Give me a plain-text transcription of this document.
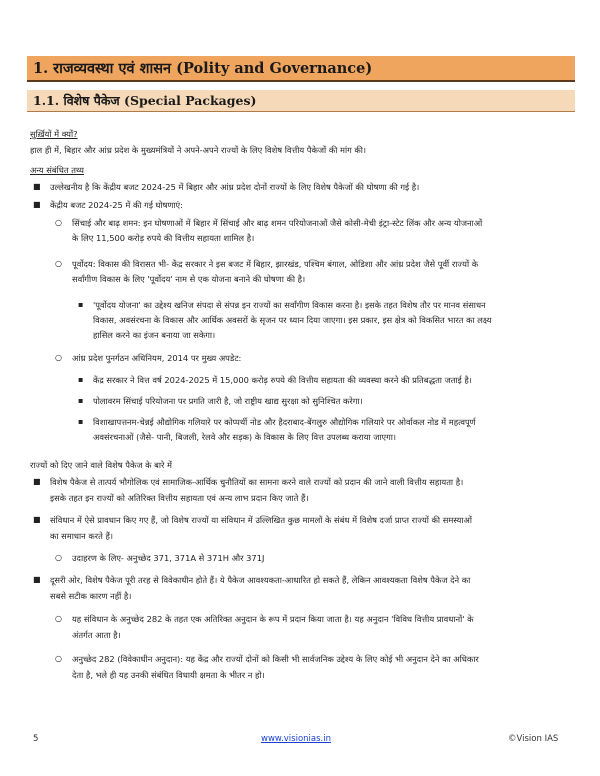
1. राजव्यवस्था एवं शासन (Polity and Governance)
1.1. विशेष पैकेज (Special Packages)
सुर्ख़ियों में क्यों?
हाल ही में, बिहार और आंध्र प्रदेश के मुख्यमंत्रियों ने अपने-अपने राज्यों के लिए विशेष वित्तीय पैकेजों की मांग की।
अन्य संबंधित तथ्य
■ उल्लेखनीय है कि केंद्रीय बजट 2024-25 में बिहार और आंध्र प्रदेश दोनों राज्यों के लिए विशेष पैकेजों की घोषणा की गई है।
■ केंद्रीय बजट 2024-25 में की गई घोषणाएं:
○ सिंचाई और बाढ़ शमन: इन घोषणाओं में बिहार में सिंचाई और बाढ़ शमन परियोजनाओं जैसे कोसी-मेची इंट्रा-स्टेट लिंक और अन्य योजनाओं
के लिए 11,500 करोड़ रुपये की वित्तीय सहायता शामिल है।
○ पूर्वोदय: विकास की विरासत भी- केंद्र सरकार ने इस बजट में बिहार, झारखंड, पश्चिम बंगाल, ओडिशा और आंध्र प्रदेश जैसे पूर्वी राज्यों के
सर्वांगीण विकास के लिए 'पूर्वोदय' नाम से एक योजना बनाने की घोषणा की है।
▪ 'पूर्वोदय योजना' का उद्देश्य खनिज संपदा से संपन्न इन राज्यों का सर्वांगीण विकास करना है। इसके तहत विशेष तौर पर मानव संसाधन
विकास, अवसंरचना के विकास और आर्थिक अवसरों के सृजन पर ध्यान दिया जाएगा। इस प्रकार, इस क्षेत्र को विकसित भारत का लक्ष्य
हासिल करने का इंजन बनाया जा सकेगा।
○ आंध्र प्रदेश पुनर्गठन अधिनियम, 2014 पर मुख्य अपडेट:
▪ केंद्र सरकार ने वित्त वर्ष 2024-2025 में 15,000 करोड़ रुपये की वित्तीय सहायता की व्यवस्था करने की प्रतिबद्धता जताई है।
▪ पोलावरम सिंचाई परियोजना पर प्रगति जारी है, जो राष्ट्रीय खाद्य सुरक्षा को सुनिश्चित करेगा।
▪ विशाखापत्तनम-चेन्नई औद्योगिक गलियारे पर कोप्पर्थी नोड और हैदराबाद-बेंगलुरु औद्योगिक गलियारे पर ओर्वाकल नोड में महत्वपूर्ण
अवसंरचनाओं (जैसे- पानी, बिजली, रेलवे और सड़क) के विकास के लिए वित्त उपलब्ध कराया जाएगा।
राज्यों को दिए जाने वाले विशेष पैकेज के बारे में
■ विशेष पैकेज से तात्पर्य भौगोलिक एवं सामाजिक-आर्थिक चुनौतियों का सामना करने वाले राज्यों को प्रदान की जाने वाली वित्तीय सहायता है।
इसके तहत इन राज्यों को अतिरिक्त वित्तीय सहायता एवं अन्य लाभ प्रदान किए जाते हैं।
■ संविधान में ऐसे प्रावधान किए गए हैं, जो विशेष राज्यों या संविधान में उल्लिखित कुछ मामलों के संबंध में विशेष दर्जा प्राप्त राज्यों की समस्याओं
का समाधान करते हैं।
○ उदाहरण के लिए- अनुच्छेद 371, 371A से 371H और 371J
■ दूसरी ओर, विशेष पैकेज पूरी तरह से विवेकाधीन होते हैं। ये पैकेज आवश्यकता-आधारित हो सकते हैं, लेकिन आवश्यकता विशेष पैकेज देने का
सबसे सटीक कारण नहीं है।
○ यह संविधान के अनुच्छेद 282 के तहत एक अतिरिक्त अनुदान के रूप में प्रदान किया जाता है। यह अनुदान 'विविध वित्तीय प्रावधानों' के
अंतर्गत आता है।
○ अनुच्छेद 282 (विवेकाधीन अनुदान): यह केंद्र और राज्यों दोनों को किसी भी सार्वजनिक उद्देश्य के लिए कोई भी अनुदान देने का अधिकार
देता है, भले ही यह उनकी संबंधित विधायी क्षमता के भीतर न हो।
5	www.visionias.in	©Vision IAS
